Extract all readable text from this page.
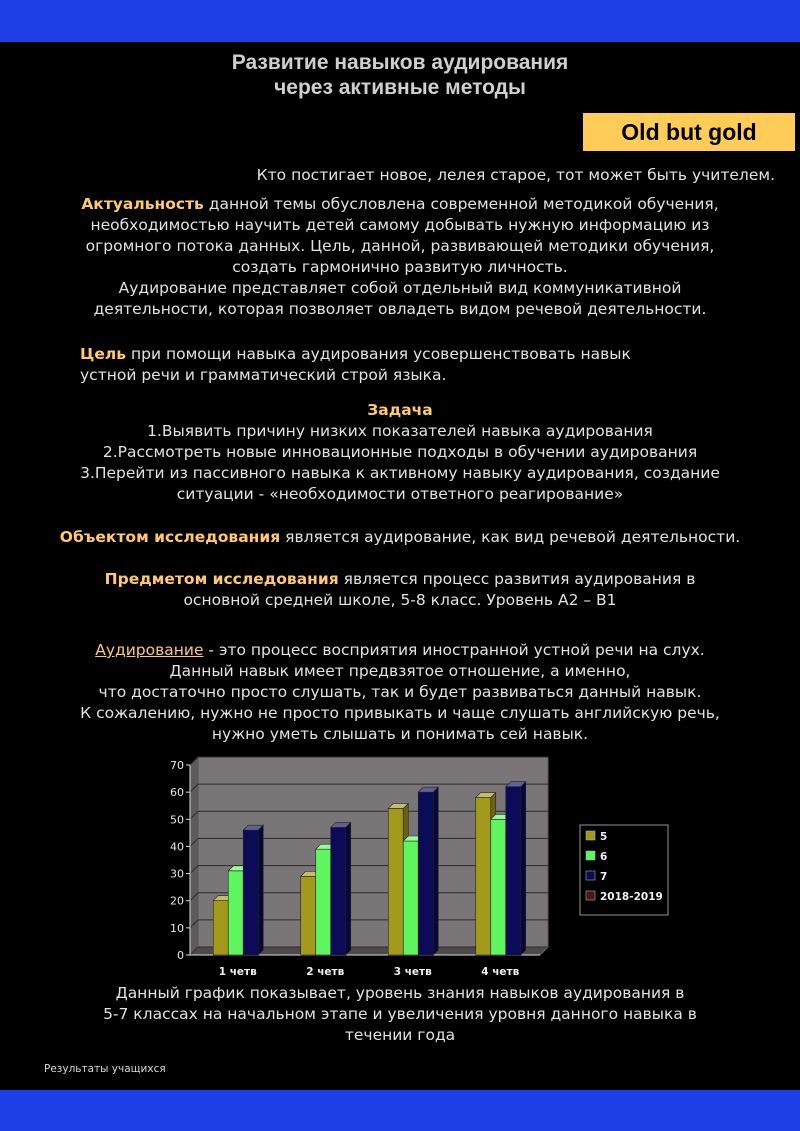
Развитие навыков аудирования
через активные методы
Old but gold
Кто постигает новое, лелея старое, тот может быть учителем.
Актуальность данной темы обусловлена современной методикой обучения,
необходимостью научить детей самому добывать нужную информацию из
огромного потока данных. Цель, данной, развивающей методики обучения,
создать гармонично развитую личность.
Аудирование представляет собой отдельный вид коммуникативной
деятельности, которая позволяет овладеть видом речевой деятельности.
Цель при помощи навыка аудирования усовершенствовать навык
устной речи и грамматический строй языка.
Задача
1.Выявить причину низких показателей навыка аудирования
2.Рассмотреть новые инновационные подходы в обучении аудирования
3.Перейти из пассивного навыка к активному навыку аудирования, создание
ситуации - «необходимости ответного реагирование»
Объектом исследования является аудирование, как вид речевой деятельности.
Предметом исследования является процесс развития аудирования в
основной средней школе, 5-8 класс. Уровень А2 – В1
Аудирование - это процесс восприятия иностранной устной речи на слух.
Данный навык имеет предвзятое отношение, а именно,
что достаточно просто слушать, так и будет развиваться данный навык.
К сожалению, нужно не просто привыкать и чаще слушать английскую речь,
нужно уметь слышать и понимать сей навык.
0
10
20
30
40
50
60
70
1 четв	2 четв	3 четв	4 четв
5
6
7
2018-2019
Данный график показывает, уровень знания навыков аудирования в
5-7 классах на начальном этапе и увеличения уровня данного навыка в
течении года
Результаты учащихся
